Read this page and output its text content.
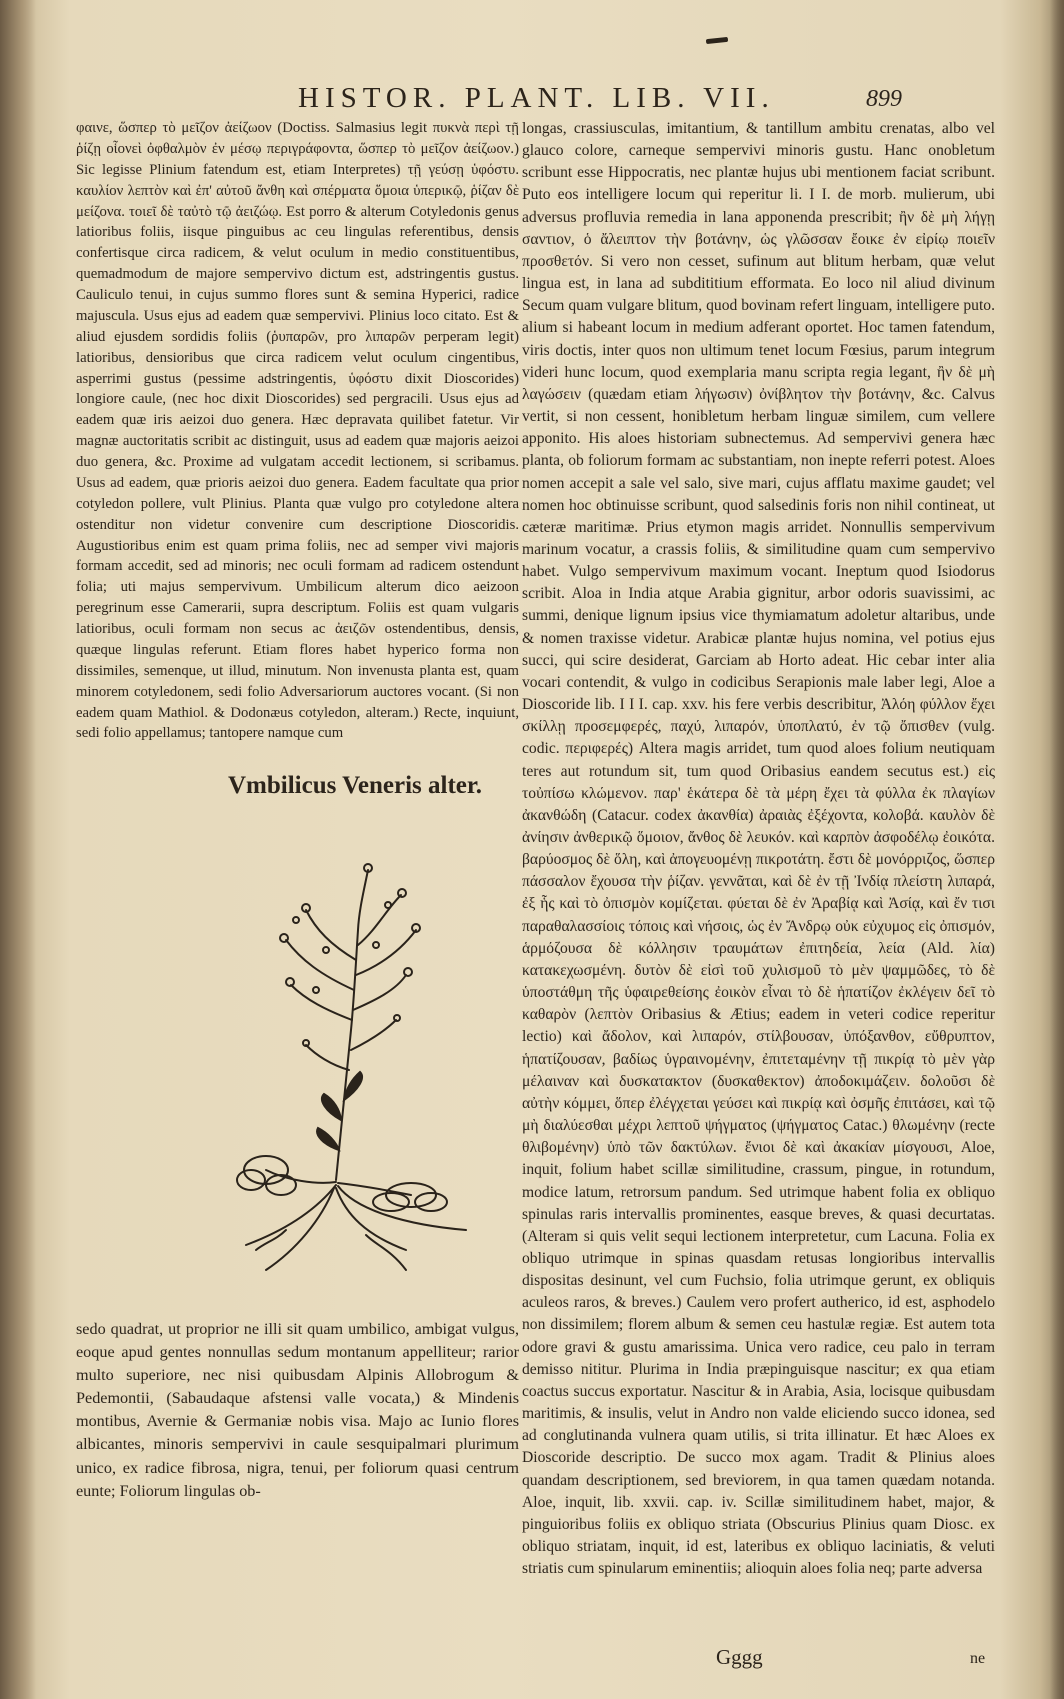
HISTOR. PLANT. LIB. VII.	899

φαινε, ὥσπερ τὸ μεῖζον ἀείζωον (Doctiss. Salmasius legit πυκνὰ περὶ τῇ ῥίζῃ οἷονεὶ ὀφθαλμὸν ἐν μέσῳ περιγράφοντα, ὥσπερ τὸ μεῖζον ἀείζωον.) Sic legisse Plinium fatendum est, etiam Interpretes) τῇ γεύσῃ ὑφόστυ. καυλίον λεπτὸν καὶ ἐπ' αὐτοῦ ἄνθη καὶ σπέρματα ὅμοια ὑπερικῷ, ῥίζαν δὲ μείζονα. τοιεῖ δὲ ταὐτὸ τῷ ἀειζώῳ. Est porro & alterum Cotyledonis genus latioribus foliis, iisque pinguibus ac ceu lingulas referentibus, densis confertisque circa radicem, & velut oculum in medio constituentibus, quemadmodum de majore sempervivo dictum est, adstringentis gustus. Cauliculo tenui, in cujus summo flores sunt & semina Hyperici, radice majuscula. Usus ejus ad eadem quæ sempervivi. Plinius loco citato. Est & aliud ejusdem sordidis foliis (ῥυπαρῶν, pro λιπαρῶν perperam legit) latioribus, densioribus que circa radicem velut oculum cingentibus, asperrimi gustus (pessime adstringentis, ὑφόστυ dixit Dioscorides) longiore caule, (nec hoc dixit Dioscorides) sed pergracili. Usus ejus ad eadem quæ iris aeizoi duo genera. Hæc depravata quilibet fatetur. Vir magnæ auctoritatis scribit ac distinguit, usus ad eadem quæ majoris aeizoi duo genera, &c. Proxime ad vulgatam accedit lectionem, si scribamus. Usus ad eadem, quæ prioris aeizoi duo genera. Eadem facultate qua prior cotyledon pollere, vult Plinius. Planta quæ vulgo pro cotyledone altera ostenditur non videtur convenire cum descriptione Dioscoridis. Augustioribus enim est quam prima foliis, nec ad semper vivi majoris formam accedit, sed ad minoris; nec oculi formam ad radicem ostendunt folia; uti majus sempervivum. Umbilicum alterum dico aeizoon peregrinum esse Camerarii, supra descriptum. Foliis est quam vulgaris latioribus, oculi formam non secus ac ἀειζῶν ostendentibus, densis, quæque lingulas referunt. Etiam flores habet hyperico forma non dissimiles, semenque, ut illud, minutum. Non invenusta planta est, quam minorem cotyledonem, sedi folio Adversariorum auctores vocant. (Si non eadem quam Mathiol. & Dodonæus cotyledon, alteram.) Recte, inquiunt, sedi folio appellamus; tantopere namque cum

Vmbilicus Veneris alter.

sedo quadrat, ut proprior ne illi sit quam umbilico, ambigat vulgus, eoque apud gentes nonnullas sedum montanum appelliteur; rarior multo superiore, nec nisi quibusdam Alpinis Allobrogum & Pedemontii, (Sabaudaque afstensi valle vocata,) & Mindenis montibus, Avernie & Germaniæ nobis visa. Majo ac Iunio flores albicantes, minoris sempervivi in caule sesquipalmari plurimum unico, ex radice fibrosa, nigra, tenui, per foliorum quasi centrum eunte; Foliorum lingulas ob-

longas, crassiusculas, imitantium, & tantillum ambitu crenatas, albo vel glauco colore, carneque sempervivi minoris gustu. Hanc onobletum scribunt esse Hippocratis, nec plantæ hujus ubi mentionem faciat scribunt. Puto eos intelligere locum qui reperitur li. I I. de morb. mulierum, ubi adversus profluvia remedia in lana apponenda prescribit; ἢν δὲ μὴ λήγῃ σαντιον, ὁ ἄλειπτον τὴν βοτάνην, ὡς γλῶσσαν ἔοικε ἐν εἰρίῳ ποιεῖν προσθετόν. Si vero non cesset, sufinum aut blitum herbam, quæ velut lingua est, in lana ad subdititium efformata. Eo loco nil aliud divinum Secum quam vulgare blitum, quod bovinam refert linguam, intelligere puto. alium si habeant locum in medium adferant oportet. Hoc tamen fatendum, viris doctis, inter quos non ultimum tenet locum Fœsius, parum integrum videri hunc locum, quod exemplaria manu scripta regia legant, ἢν δὲ μὴ λαγώσειν (quædam etiam λήγωσιν) ὀνίβλητον τὴν βοτάνην, &c. Calvus vertit, si non cessent, honibletum herbam linguæ similem, cum vellere apponito. His aloes historiam subnectemus. Ad sempervivi genera hæc planta, ob foliorum formam ac substantiam, non inepte referri potest. Aloes nomen accepit a sale vel salo, sive mari, cujus afflatu maxime gaudet; vel nomen hoc obtinuisse scribunt, quod salsedinis foris non nihil contineat, ut cæteræ maritimæ. Prius etymon magis arridet. Nonnullis sempervivum marinum vocatur, a crassis foliis, & similitudine quam cum sempervivo habet. Vulgo sempervivum maximum vocant. Ineptum quod Isiodorus scribit. Aloa in India atque Arabia gignitur, arbor odoris suavissimi, ac summi, denique lignum ipsius vice thymiamatum adoletur altaribus, unde & nomen traxisse videtur. Arabicæ plantæ hujus nomina, vel potius ejus succi, qui scire desiderat, Garciam ab Horto adeat. Hic cebar inter alia vocari contendit, & vulgo in codicibus Serapionis male laber legi, Aloe a Dioscoride lib. I I I. cap. xxv. his fere verbis describitur, Ἀλόη φύλλον ἔχει σκίλλῃ προσεμφερές, παχύ, λιπαρόν, ὑποπλατύ, ἐν τῷ ὄπισθεν (vulg. codic. περιφερές) Altera magis arridet, tum quod aloes folium neutiquam teres aut rotundum sit, tum quod Oribasius eandem secutus est.) εἰς τοὐπίσω κλώμενον. παρ' ἑκάτερα δὲ τὰ μέρη ἔχει τὰ φύλλα ἐκ πλαγίων ἀκανθώδη (Catacur. codex ἀκανθία) ἀραιὰς ἐξέχοντα, κολοβά. καυλὸν δὲ ἀνίησιν ἀνθερικῷ ὅμοιον, ἄνθος δὲ λευκόν. καὶ καρπὸν ἀσφοδέλῳ ἐοικότα. βαρύοσμος δὲ ὅλη, καὶ ἀπογευομένῃ πικροτάτη. ἔστι δὲ μονόρριζος, ὥσπερ πάσσαλον ἔχουσα τὴν ῥίζαν. γεννᾶται, καὶ δὲ ἐν τῇ Ἰνδίᾳ πλείστη λιπαρά, ἐξ ἧς καὶ τὸ ὀπισμὸν κομίζεται. φύεται δὲ ἐν Ἀραβίᾳ καὶ Ἀσίᾳ, καὶ ἔν τισι παραθαλασσίοις τόποις καὶ νήσοις, ὡς ἐν Ἄνδρῳ οὐκ εὐχυμος εἰς ὀπισμόν, ἁρμόζουσα δὲ κόλλησιν τραυμάτων ἐπιτηδεία, λεία (Ald. λία) κατακεχωσμένη. δυτὸν δὲ εἰσὶ τοῦ χυλισμοῦ τὸ μὲν ψαμμῶδες, τὸ δὲ ὑποστάθμη τῆς ὑφαιρεθείσης ἐοικὸν εἶναι τὸ δὲ ἡπατίζον ἐκλέγειν δεῖ τὸ καθαρὸν (λεπτὸν Oribasius & Ætius; eadem in veteri codice reperitur lectio) καὶ ἄδολον, καὶ λιπαρόν, στίλβουσαν, ὑπόξανθον, εὔθρυπτον, ἡπατίζουσαν, βαδίως ὑγραινομένην, ἐπιτεταμένην τῇ πικρίᾳ τὸ μὲν γὰρ μέλαιναν καὶ δυσκατακτον (δυσκαθεκτον) ἀποδοκιμάζειν. δολοῦσι δὲ αὐτὴν κόμμει, ὅπερ ἐλέγχεται γεύσει καὶ πικρίᾳ καὶ ὀσμῆς ἐπιτάσει, καὶ τῷ μὴ διαλύεσθαι μέχρι λεπτοῦ ψήγματος (ψήγματος Catac.) θλωμένην (recte θλιβομένην) ὑπὸ τῶν δακτύλων. ἔνιοι δὲ καὶ ἀκακίαν μίσγουσι, Aloe, inquit, folium habet scillæ similitudine, crassum, pingue, in rotundum, modice latum, retrorsum pandum. Sed utrimque habent folia ex obliquo spinulas raris intervallis prominentes, easque breves, & quasi decurtatas. (Alteram si quis velit sequi lectionem interpretetur, cum Lacuna. Folia ex obliquo utrimque in spinas quasdam retusas longioribus intervallis dispositas desinunt, vel cum Fuchsio, folia utrimque gerunt, ex obliquis aculeos raros, & breves.) Caulem vero profert autherico, id est, asphodelo non dissimilem; florem album & semen ceu hastulæ regiæ. Est autem tota odore gravi & gustu amarissima. Unica vero radice, ceu palo in terram demisso nititur. Plurima in India præpinguisque nascitur; ex qua etiam coactus succus exportatur. Nascitur & in Arabia, Asia, locisque quibusdam maritimis, & insulis, velut in Andro non valde eliciendo succo idonea, sed ad conglutinanda vulnera quam utilis, si trita illinatur. Et hæc Aloes ex Dioscoride descriptio. De succo mox agam. Tradit & Plinius aloes quandam descriptionem, sed breviorem, in qua tamen quædam notanda. Aloe, inquit, lib. xxvii. cap. iv. Scillæ similitudinem habet, major, & pinguioribus foliis ex obliquo striata (Obscurius Plinius quam Diosc. ex obliquo striatam, inquit, id est, lateribus ex obliquo laciniatis, & veluti striatis cum spinularum eminentiis; alioquin aloes folia neq; parte adversa

Gggg	ne
